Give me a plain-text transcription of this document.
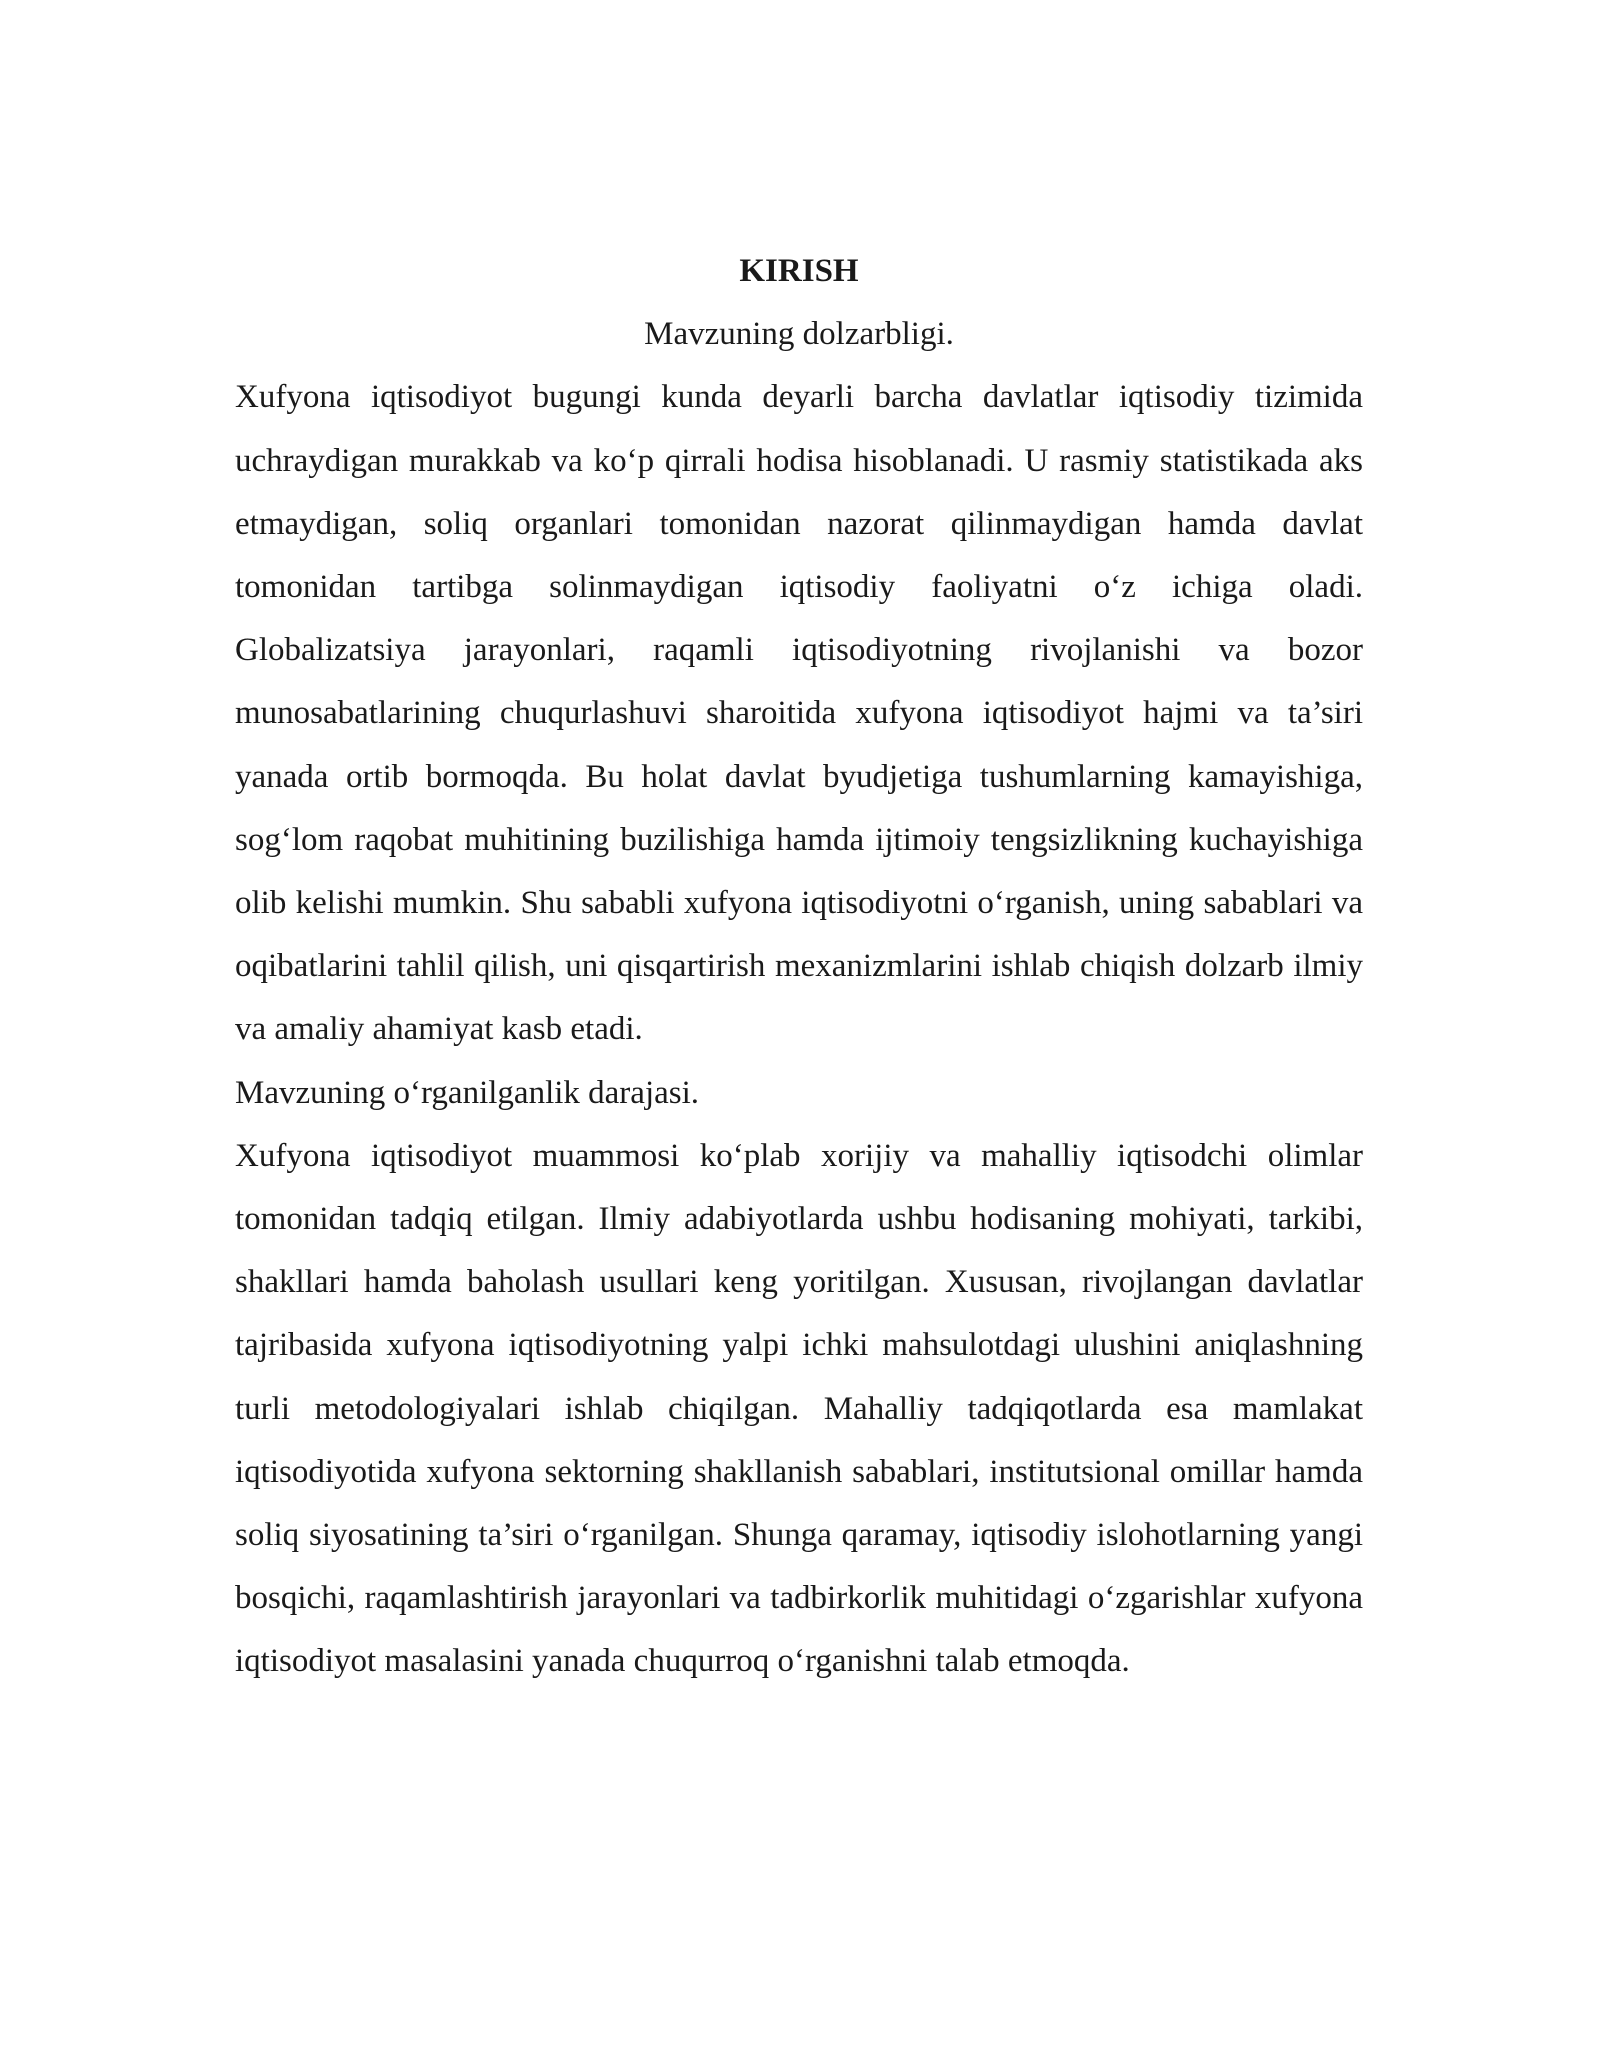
KIRISH

Mavzuning dolzarbligi.

Xufyona iqtisodiyot bugungi kunda deyarli barcha davlatlar iqtisodiy tizimida uchraydigan murakkab va ko‘p qirrali hodisa hisoblanadi. U rasmiy statistikada aks etmaydigan, soliq organlari tomonidan nazorat qilinmaydigan hamda davlat tomonidan tartibga solinmaydigan iqtisodiy faoliyatni o‘z ichiga oladi. Globalizatsiya jarayonlari, raqamli iqtisodiyotning rivojlanishi va bozor munosabatlarining chuqurlashuvi sharoitida xufyona iqtisodiyot hajmi va ta’siri yanada ortib bormoqda. Bu holat davlat byudjetiga tushumlarning kamayishiga, sog‘lom raqobat muhitining buzilishiga hamda ijtimoiy tengsizlikning kuchayishiga olib kelishi mumkin. Shu sababli xufyona iqtisodiyotni o‘rganish, uning sabablari va oqibatlarini tahlil qilish, uni qisqartirish mexanizmlarini ishlab chiqish dolzarb ilmiy va amaliy ahamiyat kasb etadi.

Mavzuning o‘rganilganlik darajasi.

Xufyona iqtisodiyot muammosi ko‘plab xorijiy va mahalliy iqtisodchi olimlar tomonidan tadqiq etilgan. Ilmiy adabiyotlarda ushbu hodisaning mohiyati, tarkibi, shakllari hamda baholash usullari keng yoritilgan. Xususan, rivojlangan davlatlar tajribasida xufyona iqtisodiyotning yalpi ichki mahsulotdagi ulushini aniqlashning turli metodologiyalari ishlab chiqilgan. Mahalliy tadqiqotlarda esa mamlakat iqtisodiyotida xufyona sektorning shakllanish sabablari, institutsional omillar hamda soliq siyosatining ta’siri o‘rganilgan. Shunga qaramay, iqtisodiy islohotlarning yangi bosqichi, raqamlashtirish jarayonlari va tadbirkorlik muhitidagi o‘zgarishlar xufyona iqtisodiyot masalasini yanada chuqurroq o‘rganishni talab etmoqda.
